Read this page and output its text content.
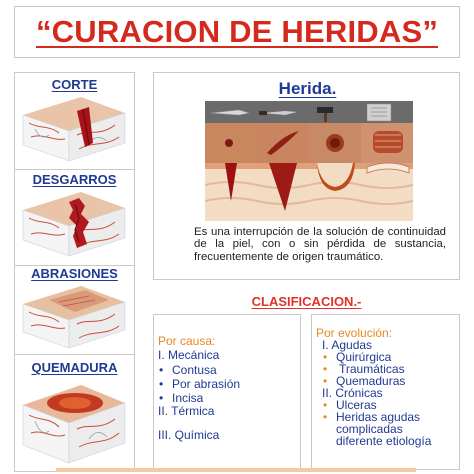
“CURACION DE HERIDAS”
CORTE
DESGARROS
ABRASIONES
QUEMADURA
Herida.
Es una interrupción de la solución de continuidad de la piel, con o sin pérdida de sustancia, frecuentemente de origen traumático.
CLASIFICACION.-
Por causa:
I. Mecánica
• Contusa
• Por abrasión
• Incisa
II. Térmica
III. Química
Por evolución:
I. Agudas
• Quirúrgica
• Traumáticas
• Quemaduras
II. Crónicas
• Ulceras
• Heridas agudas
complicadas
diferente etiología
